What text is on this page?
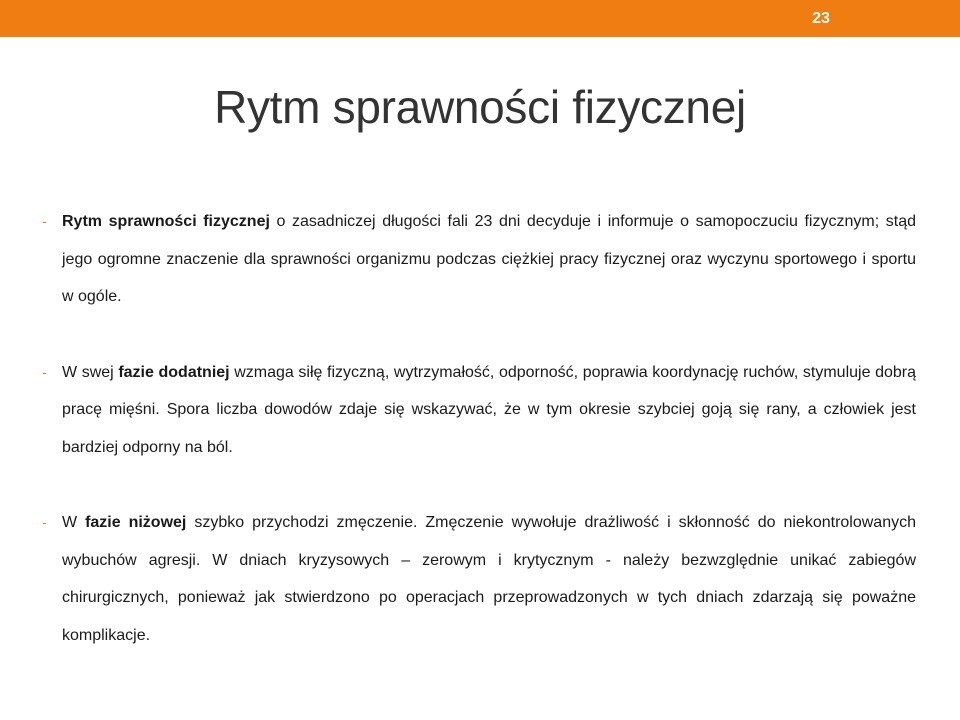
23
Rytm sprawności fizycznej

- Rytm sprawności fizycznej o zasadniczej długości fali 23 dni decyduje i informuje o samopoczuciu fizycznym; stąd jego ogromne znaczenie dla sprawności organizmu podczas ciężkiej pracy fizycznej oraz wyczynu sportowego i sportu w ogóle.

- W swej fazie dodatniej wzmaga siłę fizyczną, wytrzymałość, odporność, poprawia koordynację ruchów, stymuluje dobrą pracę mięśni. Spora liczba dowodów zdaje się wskazywać, że w tym okresie szybciej goją się rany, a człowiek jest bardziej odporny na ból.

- W fazie niżowej szybko przychodzi zmęczenie. Zmęczenie wywołuje drażliwość i skłonność do niekontrolowanych wybuchów agresji. W dniach kryzysowych – zerowym i krytycznym - należy bezwzględnie unikać zabiegów chirurgicznych, ponieważ jak stwierdzono po operacjach przeprowadzonych w tych dniach zdarzają się poważne komplikacje.
